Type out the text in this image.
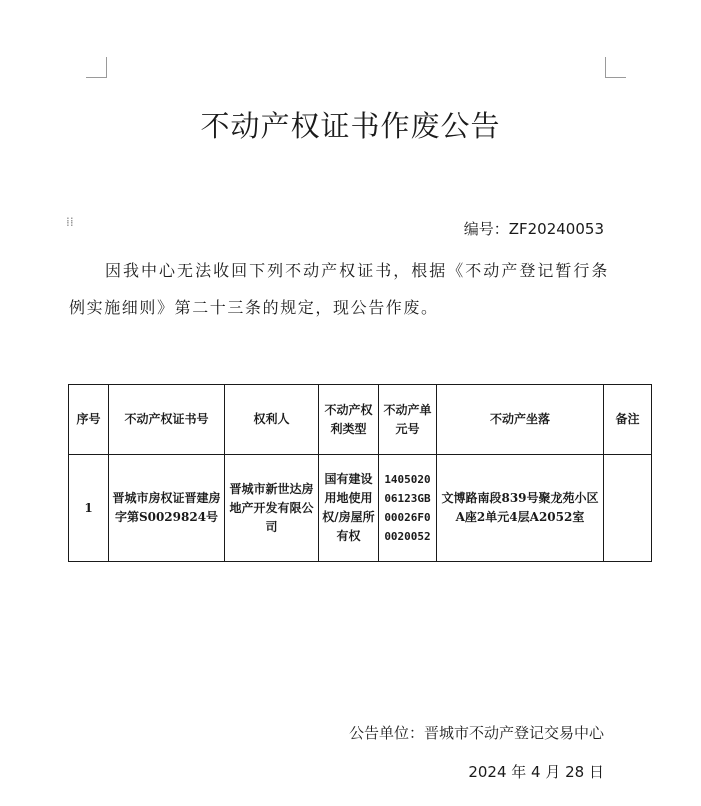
不动产权证书作废公告
⁞⁞	编号：ZF20240053

因我中心无法收回下列不动产权证书，根据《不动产登记暂行条例实施细则》第二十三条的规定，现公告作废。

序号	不动产权证书号	权利人	不动产权利类型	不动产单元号	不动产坐落	备注
1	晋城市房权证晋建房字第S0029824号	晋城市新世达房地产开发有限公司	国有建设用地使用权/房屋所有权	140502006123GB00026F00020052	文博路南段839号聚龙苑小区A座2单元4层A2052室	
公告单位：晋城市不动产登记交易中心
2024 年 4 月 28 日
